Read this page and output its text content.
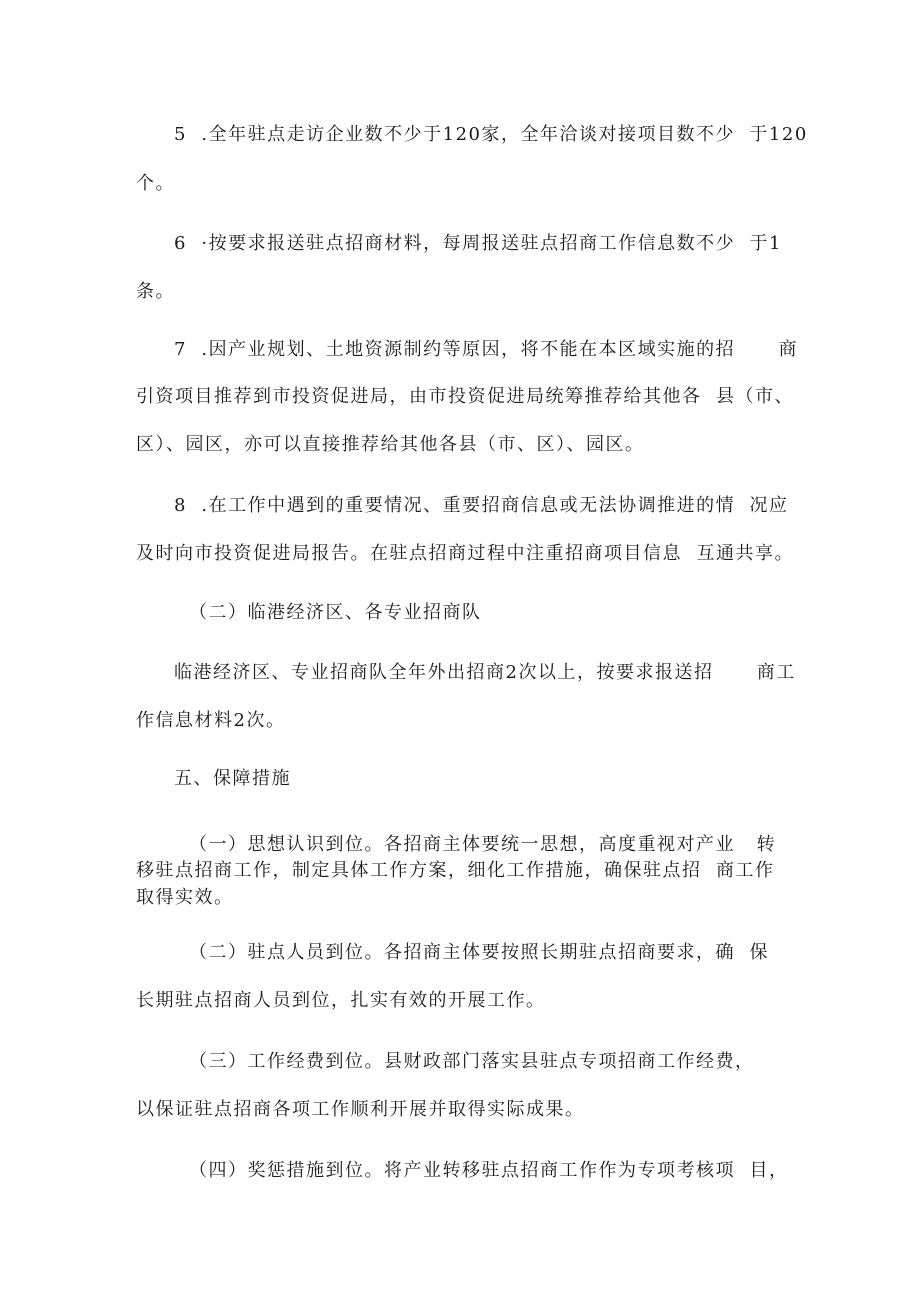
5  .全年驻点走访企业数不少于120家，全年洽谈对接项目数不少  于120
个。
6  ·按要求报送驻点招商材料，每周报送驻点招商工作信息数不少  于1
条。
7  .因产业规划、土地资源制约等原因，将不能在本区域实施的招      商
引资项目推荐到市投资促进局，由市投资促进局统筹推荐给其他各  县（市、
区）、园区，亦可以直接推荐给其他各县（市、区）、园区。
8  .在工作中遇到的重要情况、重要招商信息或无法协调推进的情  况应
及时向市投资促进局报告。在驻点招商过程中注重招商项目信息  互通共享。
（二）临港经济区、各专业招商队
临港经济区、专业招商队全年外出招商2次以上，按要求报送招      商工
作信息材料2次。
五、保障措施
（一）思想认识到位。各招商主体要统一思想，高度重视对产业   转
移驻点招商工作，制定具体工作方案，细化工作措施，确保驻点招  商工作
取得实效。
（二）驻点人员到位。各招商主体要按照长期驻点招商要求，确  保
长期驻点招商人员到位，扎实有效的开展工作。
（三）工作经费到位。县财政部门落实县驻点专项招商工作经费，
以保证驻点招商各项工作顺利开展并取得实际成果。
（四）奖惩措施到位。将产业转移驻点招商工作作为专项考核项  目，
